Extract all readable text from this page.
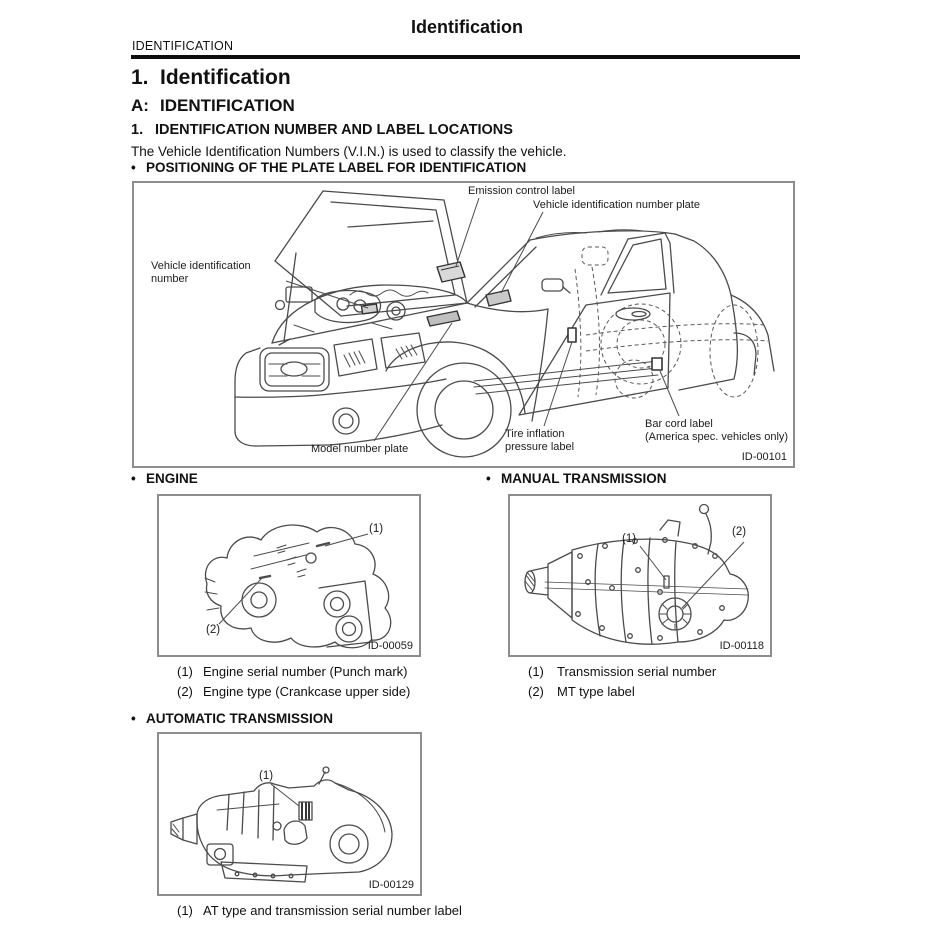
Identification
IDENTIFICATION
1. Identification
A: IDENTIFICATION
1. IDENTIFICATION NUMBER AND LABEL LOCATIONS
The Vehicle Identification Numbers (V.I.N.) is used to classify the vehicle.
• POSITIONING OF THE PLATE LABEL FOR IDENTIFICATION
Emission control label
Vehicle identification number plate
Vehicle identification
number
Model number plate
Tire inflation
pressure label
Bar cord label
(America spec. vehicles only)
ID-00101
• ENGINE
(1)
(2)
ID-00059
(1) Engine serial number (Punch mark)
(2) Engine type (Crankcase upper side)
• MANUAL TRANSMISSION
(1)
(2)
ID-00118
(1)	Transmission serial number
(2)	MT type label
• AUTOMATIC TRANSMISSION
(1)
ID-00129
(1) AT type and transmission serial number label
